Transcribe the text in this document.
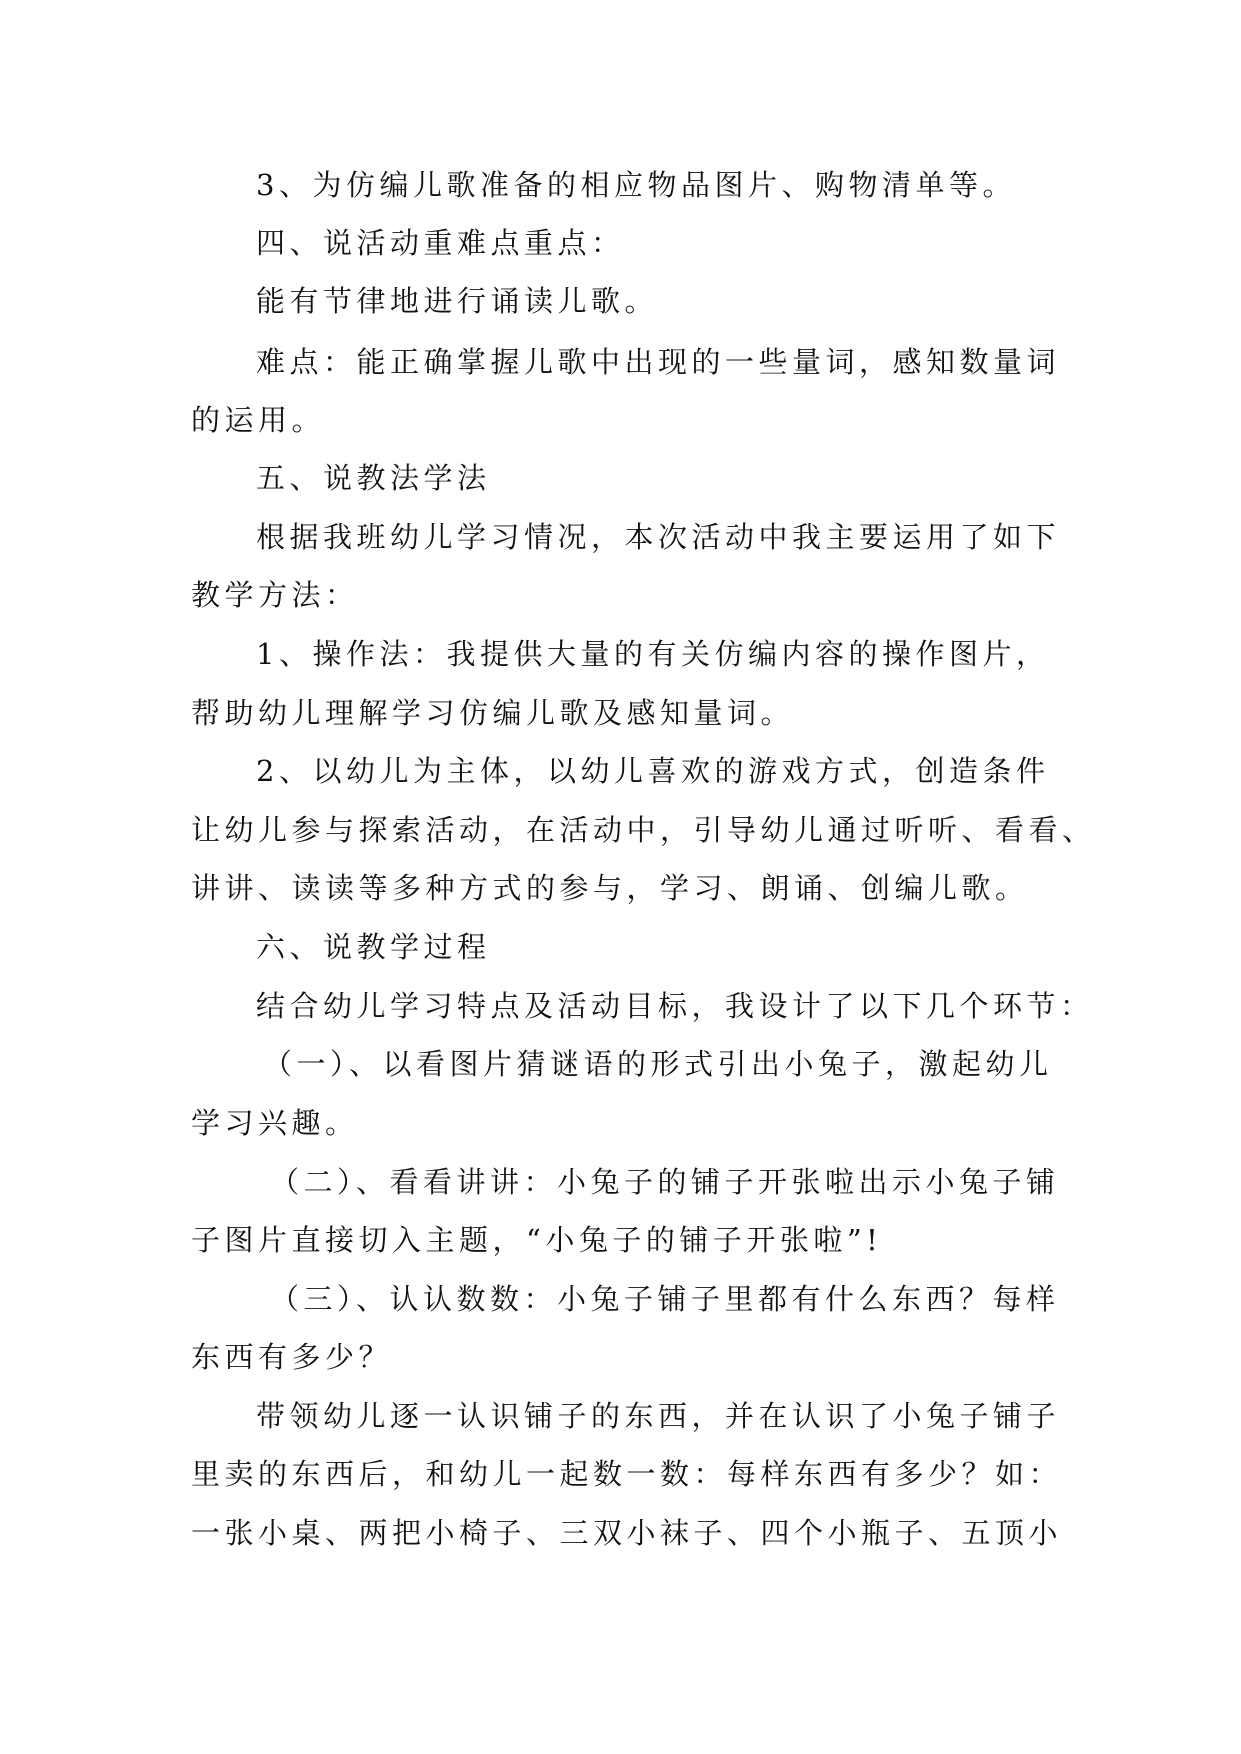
3、为仿编儿歌准备的相应物品图片、购物清单等。
四、说活动重难点重点：
能有节律地进行诵读儿歌。
难点：能正确掌握儿歌中出现的一些量词，感知数量词
的运用。
五、说教法学法
根据我班幼儿学习情况，本次活动中我主要运用了如下
教学方法：
1、操作法：我提供大量的有关仿编内容的操作图片，
帮助幼儿理解学习仿编儿歌及感知量词。
2、以幼儿为主体，以幼儿喜欢的游戏方式，创造条件
让幼儿参与探索活动，在活动中，引导幼儿通过听听、看看、
讲讲、读读等多种方式的参与，学习、朗诵、创编儿歌。
六、说教学过程
结合幼儿学习特点及活动目标，我设计了以下几个环节：
（一）、以看图片猜谜语的形式引出小兔子，激起幼儿
学习兴趣。
（二）、看看讲讲：小兔子的铺子开张啦出示小兔子铺
子图片直接切入主题，“小兔子的铺子开张啦”!
（三）、认认数数：小兔子铺子里都有什么东西？每样
东西有多少？
带领幼儿逐一认识铺子的东西，并在认识了小兔子铺子
里卖的东西后，和幼儿一起数一数：每样东西有多少？如：
一张小桌、两把小椅子、三双小袜子、四个小瓶子、五顶小
